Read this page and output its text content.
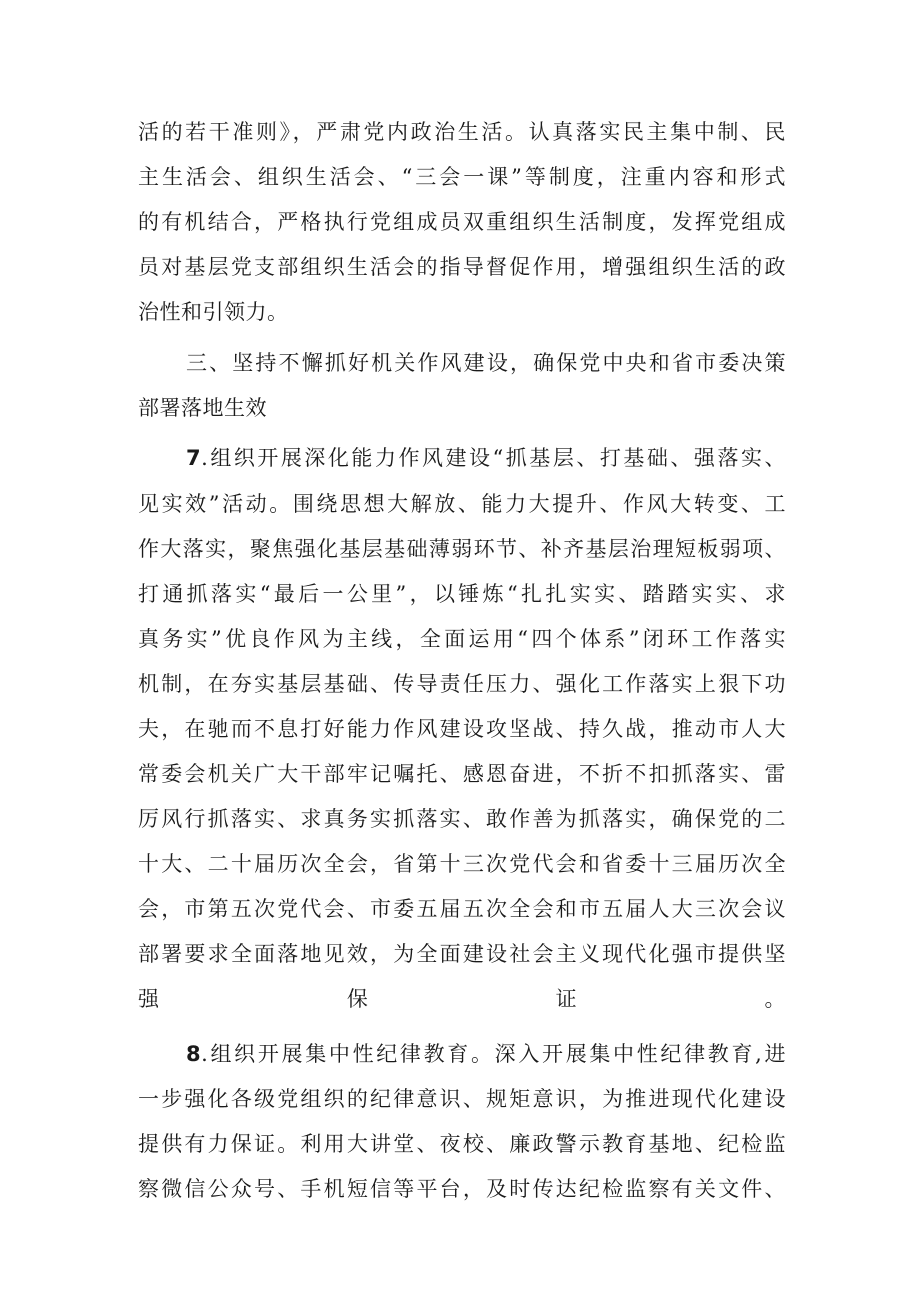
活的若干准则》，严肃党内政治生活。认真落实民主集中制、民
主生活会、组织生活会、“三会一课”等制度，注重内容和形式
的有机结合，严格执行党组成员双重组织生活制度，发挥党组成
员对基层党支部组织生活会的指导督促作用，增强组织生活的政
治性和引领力。
三、坚持不懈抓好机关作风建设，确保党中央和省市委决策
部署落地生效
7.组织开展深化能力作风建设“抓基层、打基础、强落实、
见实效”活动。围绕思想大解放、能力大提升、作风大转变、工
作大落实，聚焦强化基层基础薄弱环节、补齐基层治理短板弱项、
打通抓落实“最后一公里”，以锤炼“扎扎实实、踏踏实实、求
真务实”优良作风为主线，全面运用“四个体系”闭环工作落实
机制，在夯实基层基础、传导责任压力、强化工作落实上狠下功
夫，在驰而不息打好能力作风建设攻坚战、持久战，推动市人大
常委会机关广大干部牢记嘱托、感恩奋进，不折不扣抓落实、雷
厉风行抓落实、求真务实抓落实、敢作善为抓落实，确保党的二
十大、二十届历次全会，省第十三次党代会和省委十三届历次全
会，市第五次党代会、市委五届五次全会和市五届人大三次会议
部署要求全面落地见效，为全面建设社会主义现代化强市提供坚
强保证。
8.组织开展集中性纪律教育。深入开展集中性纪律教育,进
一步强化各级党组织的纪律意识、规矩意识，为推进现代化建设
提供有力保证。利用大讲堂、夜校、廉政警示教育基地、纪检监
察微信公众号、手机短信等平台，及时传达纪检监察有关文件、
